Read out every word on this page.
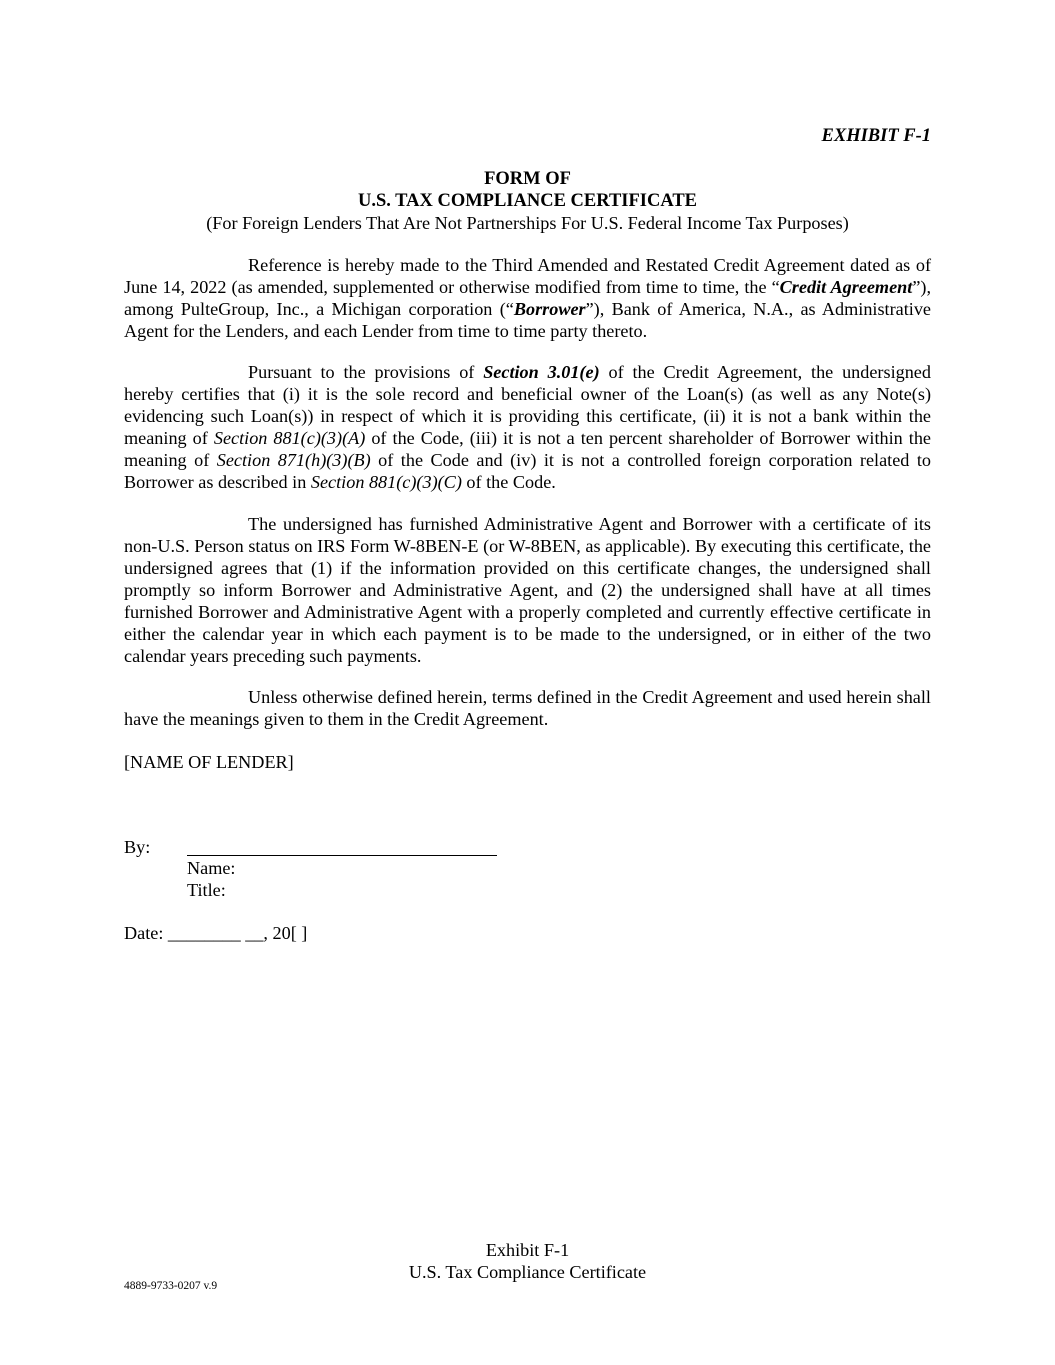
EXHIBIT F-1
FORM OF
U.S. TAX COMPLIANCE CERTIFICATE
(For Foreign Lenders That Are Not Partnerships For U.S. Federal Income Tax Purposes)
Reference is hereby made to the Third Amended and Restated Credit Agreement dated as of June 14, 2022 (as amended, supplemented or otherwise modified from time to time, the “Credit Agreement”), among PulteGroup, Inc., a Michigan corporation (“Borrower”), Bank of America, N.A., as Administrative Agent for the Lenders, and each Lender from time to time party thereto.
Pursuant to the provisions of Section 3.01(e) of the Credit Agreement, the undersigned hereby certifies that (i) it is the sole record and beneficial owner of the Loan(s) (as well as any Note(s) evidencing such Loan(s)) in respect of which it is providing this certificate, (ii) it is not a bank within the meaning of Section 881(c)(3)(A) of the Code, (iii) it is not a ten percent shareholder of Borrower within the meaning of Section 871(h)(3)(B) of the Code and (iv) it is not a controlled foreign corporation related to Borrower as described in Section 881(c)(3)(C) of the Code.
The undersigned has furnished Administrative Agent and Borrower with a certificate of its non-U.S. Person status on IRS Form W-8BEN-E (or W-8BEN, as applicable). By executing this certificate, the undersigned agrees that (1) if the information provided on this certificate changes, the undersigned shall promptly so inform Borrower and Administrative Agent, and (2) the undersigned shall have at all times furnished Borrower and Administrative Agent with a properly completed and currently effective certificate in either the calendar year in which each payment is to be made to the undersigned, or in either of the two calendar years preceding such payments.
Unless otherwise defined herein, terms defined in the Credit Agreement and used herein shall have the meanings given to them in the Credit Agreement.
[NAME OF LENDER]
By:
Name:
Title:
Date: ________ __, 20[ ]
Exhibit F-1
U.S. Tax Compliance Certificate
4889-9733-0207 v.9
